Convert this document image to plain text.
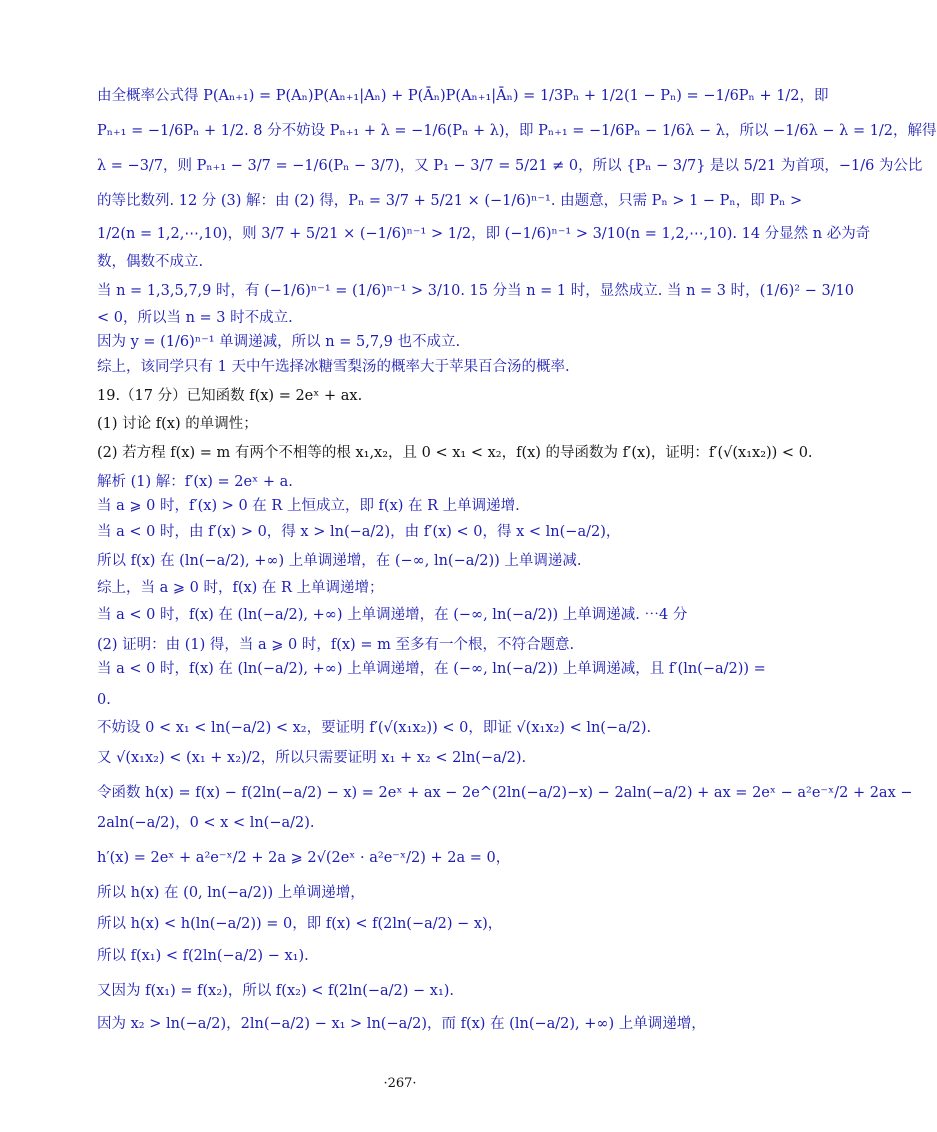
由全概率公式得 P(Aₙ₊₁) = P(Aₙ)P(Aₙ₊₁|Aₙ) + P(Āₙ)P(Aₙ₊₁|Āₙ) = 1/3Pₙ + 1/2(1 − Pₙ) = −1/6Pₙ + 1/2，即
Pₙ₊₁ = −1/6Pₙ + 1/2. 8 分不妨设 Pₙ₊₁ + λ = −1/6(Pₙ + λ)，即 Pₙ₊₁ = −1/6Pₙ − 1/6λ − λ，所以 −1/6λ − λ = 1/2，解得
λ = −3/7，则 Pₙ₊₁ − 3/7 = −1/6(Pₙ − 3/7)，又 P₁ − 3/7 = 5/21 ≠ 0，所以 {Pₙ − 3/7} 是以 5/21 为首项，−1/6 为公比
的等比数列. 12 分 (3) 解：由 (2) 得，Pₙ = 3/7 + 5/21 × (−1/6)ⁿ⁻¹. 由题意，只需 Pₙ > 1 − Pₙ，即 Pₙ >
1/2(n = 1,2,⋯,10)，则 3/7 + 5/21 × (−1/6)ⁿ⁻¹ > 1/2，即 (−1/6)ⁿ⁻¹ > 3/10(n = 1,2,⋯,10). 14 分显然 n 必为奇
数，偶数不成立.
当 n = 1,3,5,7,9 时，有 (−1/6)ⁿ⁻¹ = (1/6)ⁿ⁻¹ > 3/10. 15 分当 n = 1 时，显然成立. 当 n = 3 时，(1/6)² − 3/10
< 0，所以当 n = 3 时不成立.
因为 y = (1/6)ⁿ⁻¹ 单调递减，所以 n = 5,7,9 也不成立.
综上，该同学只有 1 天中午选择冰糖雪梨汤的概率大于苹果百合汤的概率.
19.（17 分）已知函数 f(x) = 2eˣ + ax.
(1) 讨论 f(x) 的单调性；
(2) 若方程 f(x) = m 有两个不相等的根 x₁,x₂，且 0 < x₁ < x₂，f(x) 的导函数为 f′(x)，证明：f′(√(x₁x₂)) < 0.
解析 (1) 解：f′(x) = 2eˣ + a.
当 a ⩾ 0 时，f′(x) > 0 在 R 上恒成立，即 f(x) 在 R 上单调递增.
当 a < 0 时，由 f′(x) > 0，得 x > ln(−a/2)，由 f′(x) < 0，得 x < ln(−a/2)，
所以 f(x) 在 (ln(−a/2), +∞) 上单调递增，在 (−∞, ln(−a/2)) 上单调递减.
综上，当 a ⩾ 0 时，f(x) 在 R 上单调递增；
当 a < 0 时，f(x) 在 (ln(−a/2), +∞) 上单调递增，在 (−∞, ln(−a/2)) 上单调递减. ⋯4 分
(2) 证明：由 (1) 得，当 a ⩾ 0 时，f(x) = m 至多有一个根，不符合题意.
当 a < 0 时，f(x) 在 (ln(−a/2), +∞) 上单调递增，在 (−∞, ln(−a/2)) 上单调递减，且 f′(ln(−a/2)) =
0.
不妨设 0 < x₁ < ln(−a/2) < x₂，要证明 f′(√(x₁x₂)) < 0，即证 √(x₁x₂) < ln(−a/2).
又 √(x₁x₂) < (x₁ + x₂)/2，所以只需要证明 x₁ + x₂ < 2ln(−a/2).
令函数 h(x) = f(x) − f(2ln(−a/2) − x) = 2eˣ + ax − 2e^(2ln(−a/2)−x) − 2aln(−a/2) + ax = 2eˣ − a²e⁻ˣ/2 + 2ax −
2aln(−a/2)，0 < x < ln(−a/2).
h′(x) = 2eˣ + a²e⁻ˣ/2 + 2a ⩾ 2√(2eˣ · a²e⁻ˣ/2) + 2a = 0，
所以 h(x) 在 (0, ln(−a/2)) 上单调递增，
所以 h(x) < h(ln(−a/2)) = 0，即 f(x) < f(2ln(−a/2) − x)，
所以 f(x₁) < f(2ln(−a/2) − x₁).
又因为 f(x₁) = f(x₂)，所以 f(x₂) < f(2ln(−a/2) − x₁).
因为 x₂ > ln(−a/2)，2ln(−a/2) − x₁ > ln(−a/2)，而 f(x) 在 (ln(−a/2), +∞) 上单调递增，
·267·
